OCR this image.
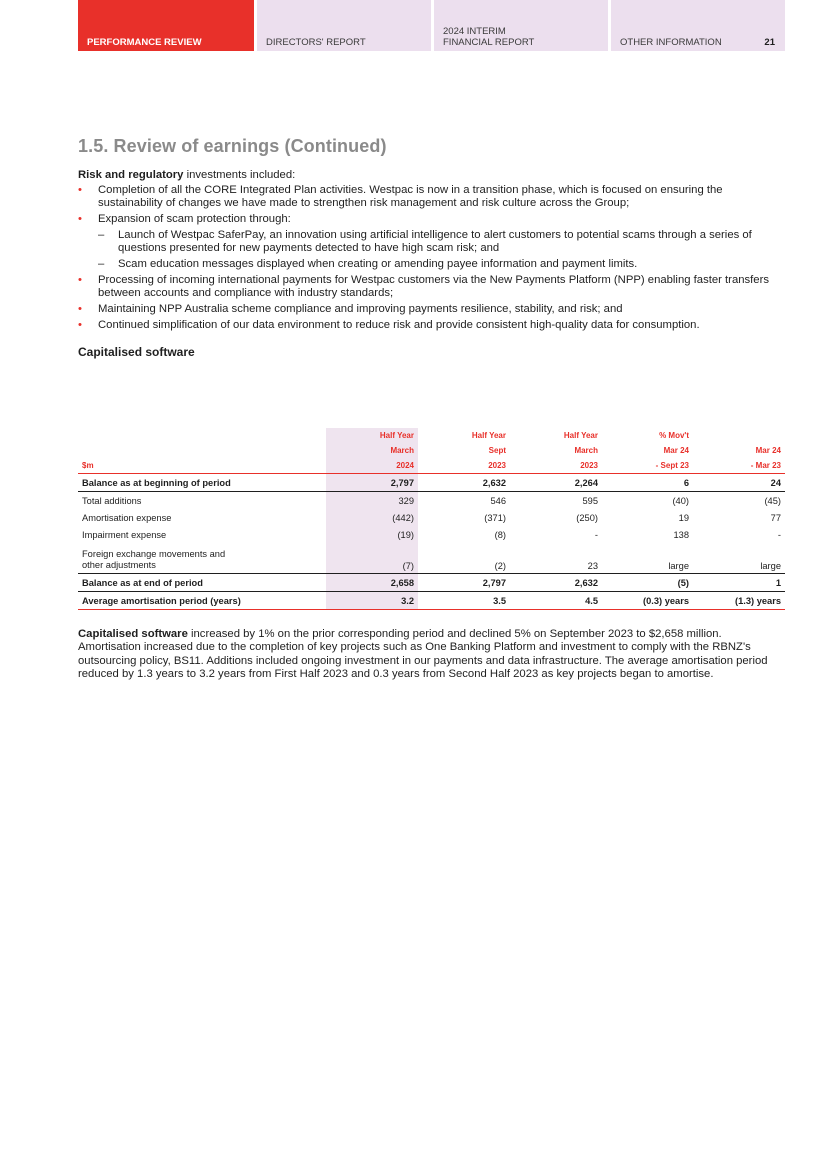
PERFORMANCE REVIEW	DIRECTORS' REPORT
2024 INTERIM
FINANCIAL REPORT	OTHER INFORMATION	21
1.5. Review of earnings (Continued)

Risk and regulatory investments included:

• Completion of all the CORE Integrated Plan activities. Westpac is now in a transition phase, which is focused on ensuring the sustainability of changes we have made to strengthen risk management and risk culture across the Group;
• Expansion of scam protection through:
– Launch of Westpac SaferPay, an innovation using artificial intelligence to alert customers to potential scams through a series of questions presented for new payments detected to have high scam risk; and
– Scam education messages displayed when creating or amending payee information and payment limits.
• Processing of incoming international payments for Westpac customers via the New Payments Platform (NPP) enabling faster transfers between accounts and compliance with industry standards;
• Maintaining NPP Australia scheme compliance and improving payments resilience, stability, and risk; and
• Continued simplification of our data environment to reduce risk and provide consistent high-quality data for consumption.
Capitalised software
	Half Year	Half Year	Half Year	% Mov't	
	March	Sept	March	Mar 24	Mar 24
$m	2024	2023	2023	- Sept 23	- Mar 23
Balance as at beginning of period	2,797	2,632	2,264	6	24
Total additions	329	546	595	(40)	(45)
Amortisation expense	(442)	(371)	(250)	19	77
Impairment expense	(19)	(8)	-	138	-
Foreign exchange movements and
other adjustments	(7)	(2)	23	large	large
Balance as at end of period	2,658	2,797	2,632	(5)	1
Average amortisation period (years)	3.2	3.5	4.5	(0.3) years	(1.3) years

Capitalised software increased by 1% on the prior corresponding period and declined 5% on September 2023 to $2,658 million. Amortisation increased due to the completion of key projects such as One Banking Platform and investment to comply with the RBNZ's outsourcing policy, BS11. Additions included ongoing investment in our payments and data infrastructure. The average amortisation period reduced by 1.3 years to 3.2 years from First Half 2023 and 0.3 years from Second Half 2023 as key projects began to amortise.
